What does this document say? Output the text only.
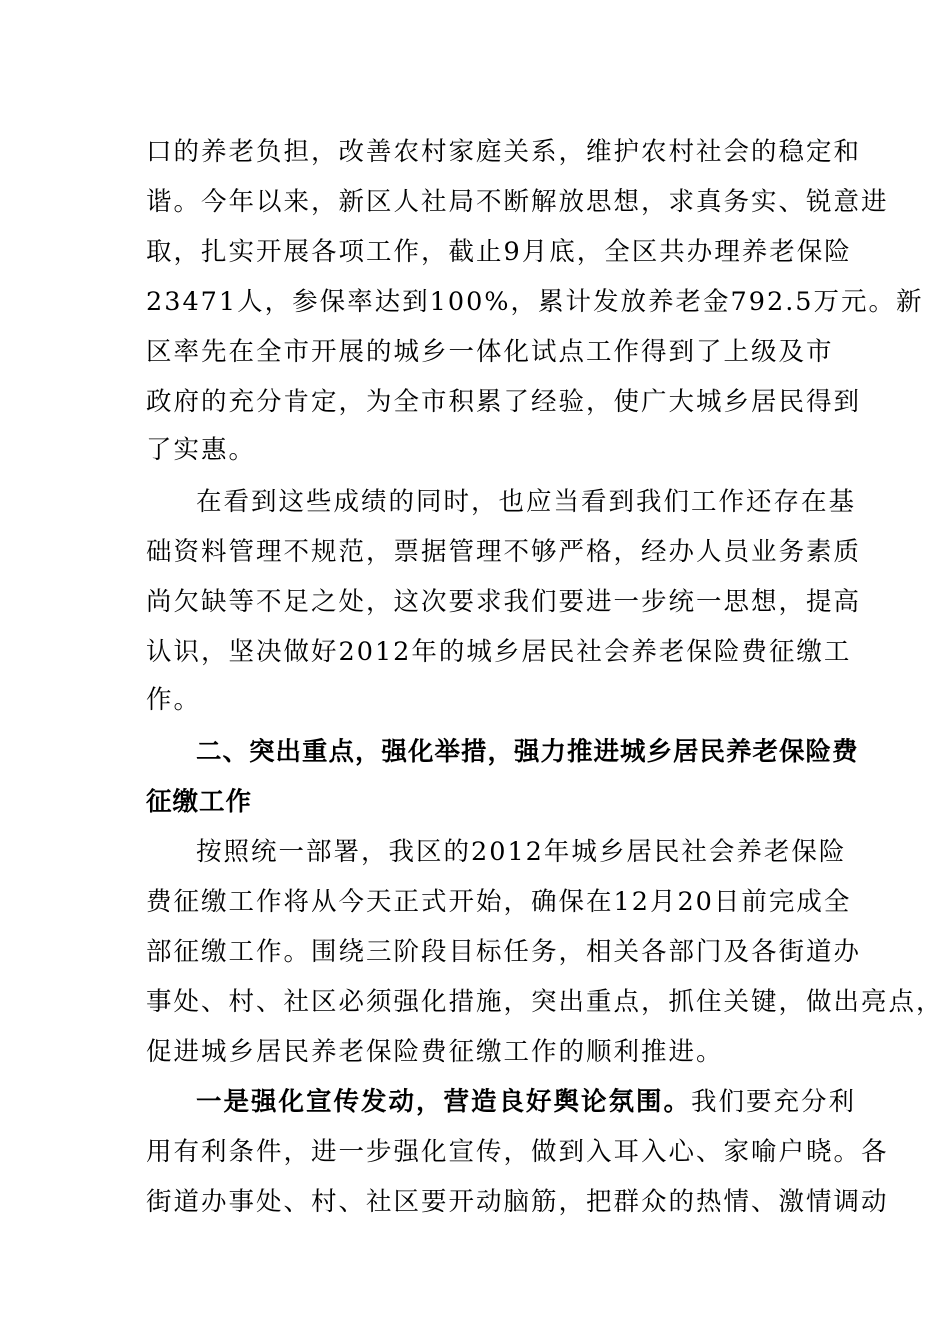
口的养老负担，改善农村家庭关系，维护农村社会的稳定和
谐。今年以来，新区人社局不断解放思想，求真务实、锐意进
取，扎实开展各项工作，截止9月底，全区共办理养老保险
23471人，参保率达到100%，累计发放养老金792.5万元。新
区率先在全市开展的城乡一体化试点工作得到了上级及市
政府的充分肯定，为全市积累了经验，使广大城乡居民得到
了实惠。
在看到这些成绩的同时，也应当看到我们工作还存在基
础资料管理不规范，票据管理不够严格，经办人员业务素质
尚欠缺等不足之处，这次要求我们要进一步统一思想，提高
认识，坚决做好2012年的城乡居民社会养老保险费征缴工
作。
二、突出重点，强化举措，强力推进城乡居民养老保险费
征缴工作
按照统一部署，我区的2012年城乡居民社会养老保险
费征缴工作将从今天正式开始，确保在12月20日前完成全
部征缴工作。围绕三阶段目标任务，相关各部门及各街道办
事处、村、社区必须强化措施，突出重点，抓住关键，做出亮点，
促进城乡居民养老保险费征缴工作的顺利推进。
一是强化宣传发动，营造良好舆论氛围。我们要充分利
用有利条件，进一步强化宣传，做到入耳入心、家喻户晓。各
街道办事处、村、社区要开动脑筋，把群众的热情、激情调动
